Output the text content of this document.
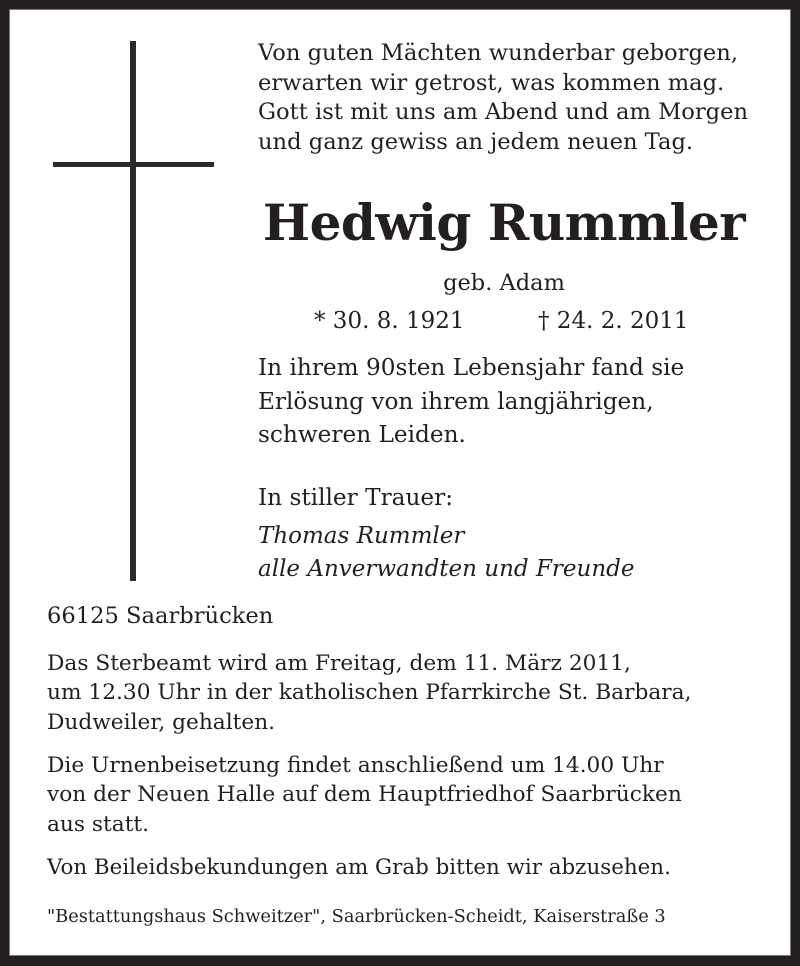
Von guten Mächten wunderbar geborgen,
erwarten wir getrost, was kommen mag.
Gott ist mit uns am Abend und am Morgen
und ganz gewiss an jedem neuen Tag.
Hedwig Rummler
geb. Adam
* 30. 8. 1921	† 24. 2. 2011
In ihrem 90sten Lebensjahr fand sie
Erlösung von ihrem langjährigen,
schweren Leiden.
In stiller Trauer:
Thomas Rummler
alle Anverwandten und Freunde
66125 Saarbrücken
Das Sterbeamt wird am Freitag, dem 11. März 2011,
um 12.30 Uhr in der katholischen Pfarrkirche St. Barbara,
Dudweiler, gehalten.
Die Urnenbeisetzung findet anschließend um 14.00 Uhr
von der Neuen Halle auf dem Hauptfriedhof Saarbrücken
aus statt.
Von Beileidsbekundungen am Grab bitten wir abzusehen.
"Bestattungshaus Schweitzer", Saarbrücken-Scheidt, Kaiserstraße 3
